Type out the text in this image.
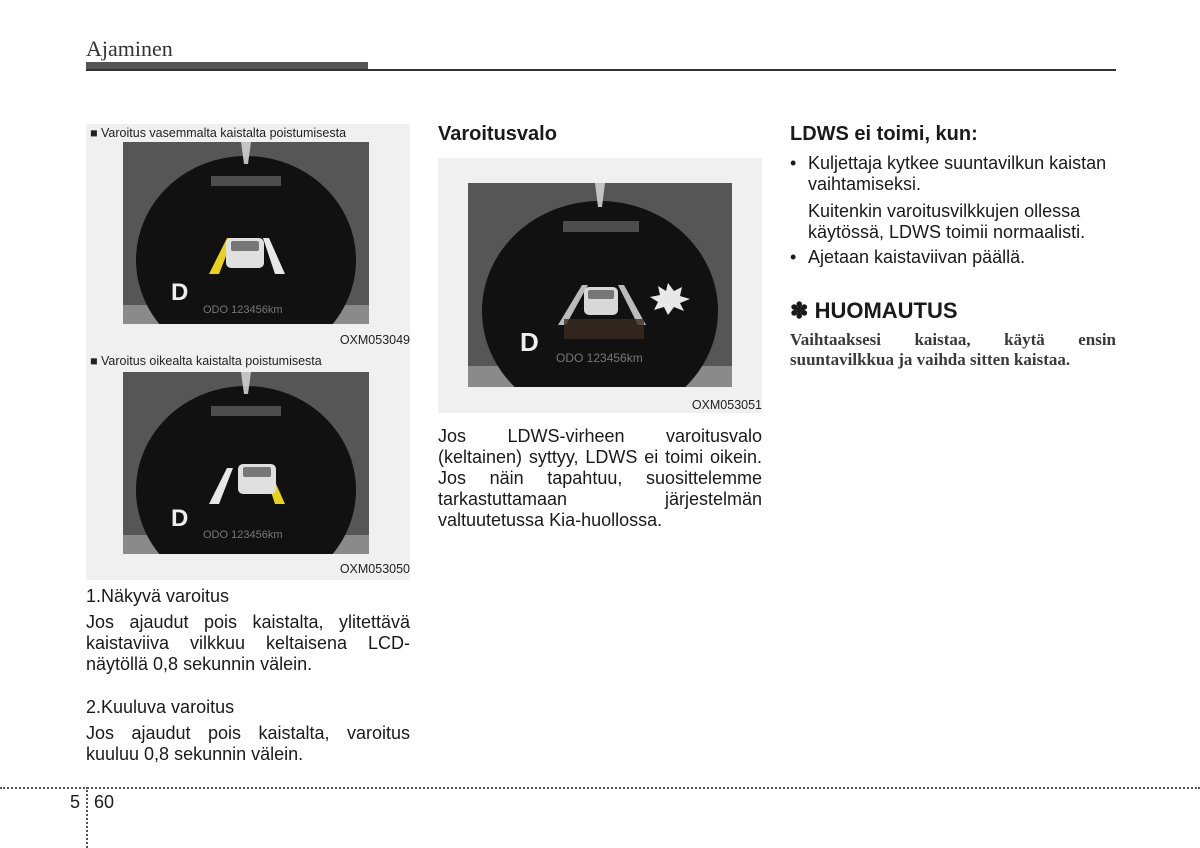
Ajaminen
■ Varoitus vasemmalta kaistalta poistumisesta
D
ODO 123456km
OXM053049
■ Varoitus oikealta kaistalta poistumisesta
D
ODO 123456km
OXM053050
1.Näkyvä varoitus
Jos ajaudut pois kaistalta, ylitettävä kaistaviiva vilkkuu keltaisena LCD-näytöllä 0,8 sekunnin välein.
2.Kuuluva varoitus
Jos ajaudut pois kaistalta, varoitus kuuluu 0,8 sekunnin välein.
Varoitusvalo
D
ODO 123456km
OXM053051
Jos LDWS-virheen varoitusvalo (keltainen) syttyy, LDWS ei toimi oikein. Jos näin tapahtuu, suosittelemme tarkastuttamaan järjestelmän valtuutetussa Kia-huollossa.
LDWS ei toimi, kun:
• Kuljettaja kytkee suuntavilkun kaistan vaihtamiseksi.
Kuitenkin varoitusvilkkujen ollessa käytössä, LDWS toimii normaalisti.
• Ajetaan kaistaviivan päällä.
✽ HUOMAUTUS
Vaihtaaksesi kaistaa, käytä ensin suuntavilkkua ja vaihda sitten kaistaa.
5 60
